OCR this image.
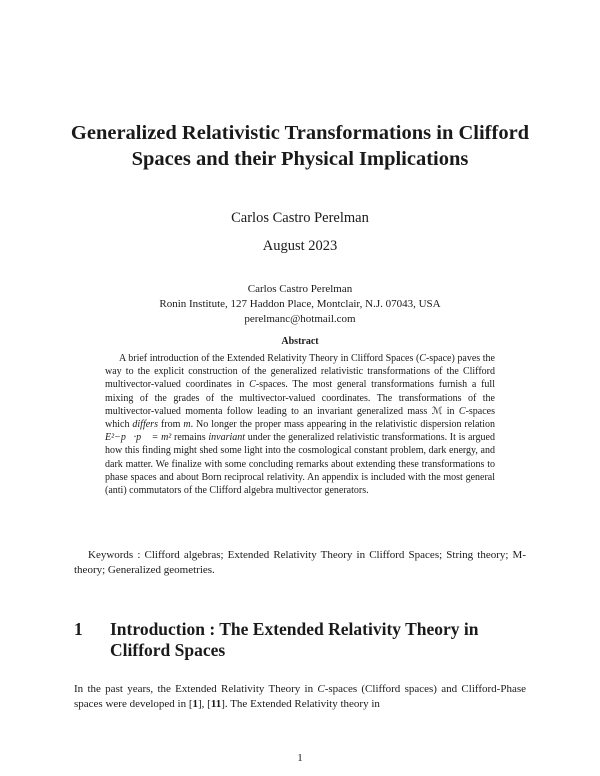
Generalized Relativistic Transformations in Clifford Spaces and their Physical Implications
Carlos Castro Perelman
August 2023
Carlos Castro Perelman
Ronin Institute, 127 Haddon Place, Montclair, N.J. 07043, USA
perelmanc@hotmail.com
Abstract

A brief introduction of the Extended Relativity Theory in Clifford Spaces (C-space) paves the way to the explicit construction of the generalized relativistic transformations of the Clifford multivector-valued coordinates in C-spaces. The most general transformations furnish a full mixing of the grades of the multivector-valued coordinates. The transformations of the multivector-valued momenta follow leading to an invariant generalized mass ℳ in C-spaces which differs from m. No longer the proper mass appearing in the relativistic dispersion relation E²−p⃗·p⃗ = m² remains invariant under the generalized relativistic transformations. It is argued how this finding might shed some light into the cosmological constant problem, dark energy, and dark matter. We finalize with some concluding remarks about extending these transformations to phase spaces and about Born reciprocal relativity. An appendix is included with the most general (anti) commutators of the Clifford algebra multivector generators.

Keywords : Clifford algebras; Extended Relativity Theory in Clifford Spaces; String theory; M-theory; Generalized geometries.

1 Introduction : The Extended Relativity Theory in Clifford Spaces

In the past years, the Extended Relativity Theory in C-spaces (Clifford spaces) and Clifford-Phase spaces were developed in [1], [11]. The Extended Relativity theory in

1
